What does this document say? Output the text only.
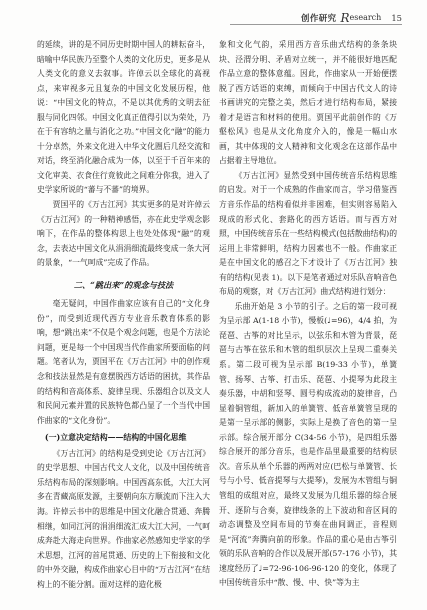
创作研究 R esearch 15

的延续，讲的是不同历史时期中国人的耕耘奋斗，暗喻中华民族乃至整个人类的文化历史，更多是从人类文化的意义去叙事。许倬云以全球化的高视点，来审视多元且复杂的中国文化发展历程，他说：“中国文化的特点，不是以其优秀的文明去征服与同化四邻。中国文化真正值得引以为荣处，乃在于有容纳之量与消化之功。”中国文化“融”的能力十分卓然，外来文化进入中华文化圈后几经交流和对话，终至消化融合成为一体，以至于千百年来的文化审美、衣食住行竟彼此之间难分你我，进入了史学家所说的“蕃与不蕃”的境界。

贾国平的《万古江河》其实更多的是对许倬云《万古江河》的一种精神感悟，亦在此史学观念影响下，在作品的整体构思上也处处体现“融”的观念，去表达中国文化从涓涓细流最终变成一条大河的景象，“一气呵成”完成了作品。

二、“跳出来”的观念与技法

毫无疑问，中国作曲家应该有自己的“文化身份”，而受到近现代西方专业音乐教育体系的影响，想“跳出来”不仅是个观念问题，也是个方法论问题，更是每一个中国现当代作曲家所要面临的问题。笔者认为，贾国平在《万古江河》中的创作观念和技法显然是有意摆脱西方话语的困扰，其作品的结构和音高体系、旋律呈现、乐器组合以及文人和民间元素并置的民族特色都凸显了一个当代中国作曲家的“文化身份”。

(一)立意决定结构——结构的中国化思维

《万古江河》的结构是受到史论《万古江河》的史学思想、中国古代文人文化，以及中国传统音乐结构布局的深刻影响。中国西高东低，大江大河多在青藏高原发源，主要朝向东方顺流而下注入大海。许倬云书中的思维是中国文化融合贯通、奔腾相继，如同江河的涓涓细流汇成大江大河，一气呵成奔赴大海走向世界。作曲家必然感知史学家的学术思想，江河的首尾贯通、历史的上下衔接和文化的中外交融，构成作曲家心目中的“万古江河”在结构上的不能分割。面对这样的造化极

象和文化气韵，采用西方音乐曲式结构的条条块块、泾渭分明、矛盾对立统一，并不能很好地匹配作品立意的整体意蕴。因此，作曲家从一开始便摆脱了西方话语的束缚，而倾向于中国古代文人的诗书画讲究的完整之美，然后才进行结构布局，紧接着才是语言和材料的使用。贾国平此前创作的《万壑松风》也是从文化角度介入的，像是一幅山水画，其中体现的文人精神和文化观念在这部作品中占据着主导地位。

《万古江河》显然受到中国传统音乐结构思维的启发。对于一个成熟的作曲家而言，学习借鉴西方音乐作品的结构看似并非困难，但实则容易陷入现成的形式化、套路化的西方话语。而与西方对照，中国传统音乐在一些结构模式(包括散曲结构)的运用上非常鲜明，结构力因素也不一般。作曲家正是在中国文化的感召之下才设计了《万古江河》独有的结构(见表 1)。以下是笔者通过对乐队音响音色布局的观察，对《万古江河》曲式结构进行划分：

乐曲开始是 3 小节的引子。之后的第一段可视为呈示部 A(1-18 小节)，慢板(♩=96)，4/4 拍，为琵琶、古筝的对比呈示，以弦乐和木管为背景，琵琶与古筝在弦乐和木管的组织层次上呈现二重奏关系。第二段可视为呈示部 B(19-33 小节)，单簧管、扬琴、古筝、打击乐、琵琶、小提琴为此段主奏乐器，中胡和竖琴、圆号构成流动的旋律音，凸显着铜管组，新加入的单簧管、低音单簧管呈现的是第一呈示部的侧影，实际上是换了音色的第一呈示部。综合展开部分 C(34-56 小节)，是四组乐器综合展开的部分音乐，也是作品里最重要的结构层次。音乐从单个乐器的两两对应(巴松与单簧管、长号与小号、低音提琴与大提琴)，发展为木管组与铜管组的成组对应，最终又发展为几组乐器的综合展开、逐阶与合奏，旋律线条的上下波动和音区间的动态调整及空间布局的节奏在曲间调正，音程则是“河流”奔腾向前的形象。作品的重心是由古筝引领的乐队音响的合作以及展开部(57-176 小节)，其速度经历了♩=72-96-106-96-120 的变化，体现了中国传统音乐中“散、慢、中、快”等为主
